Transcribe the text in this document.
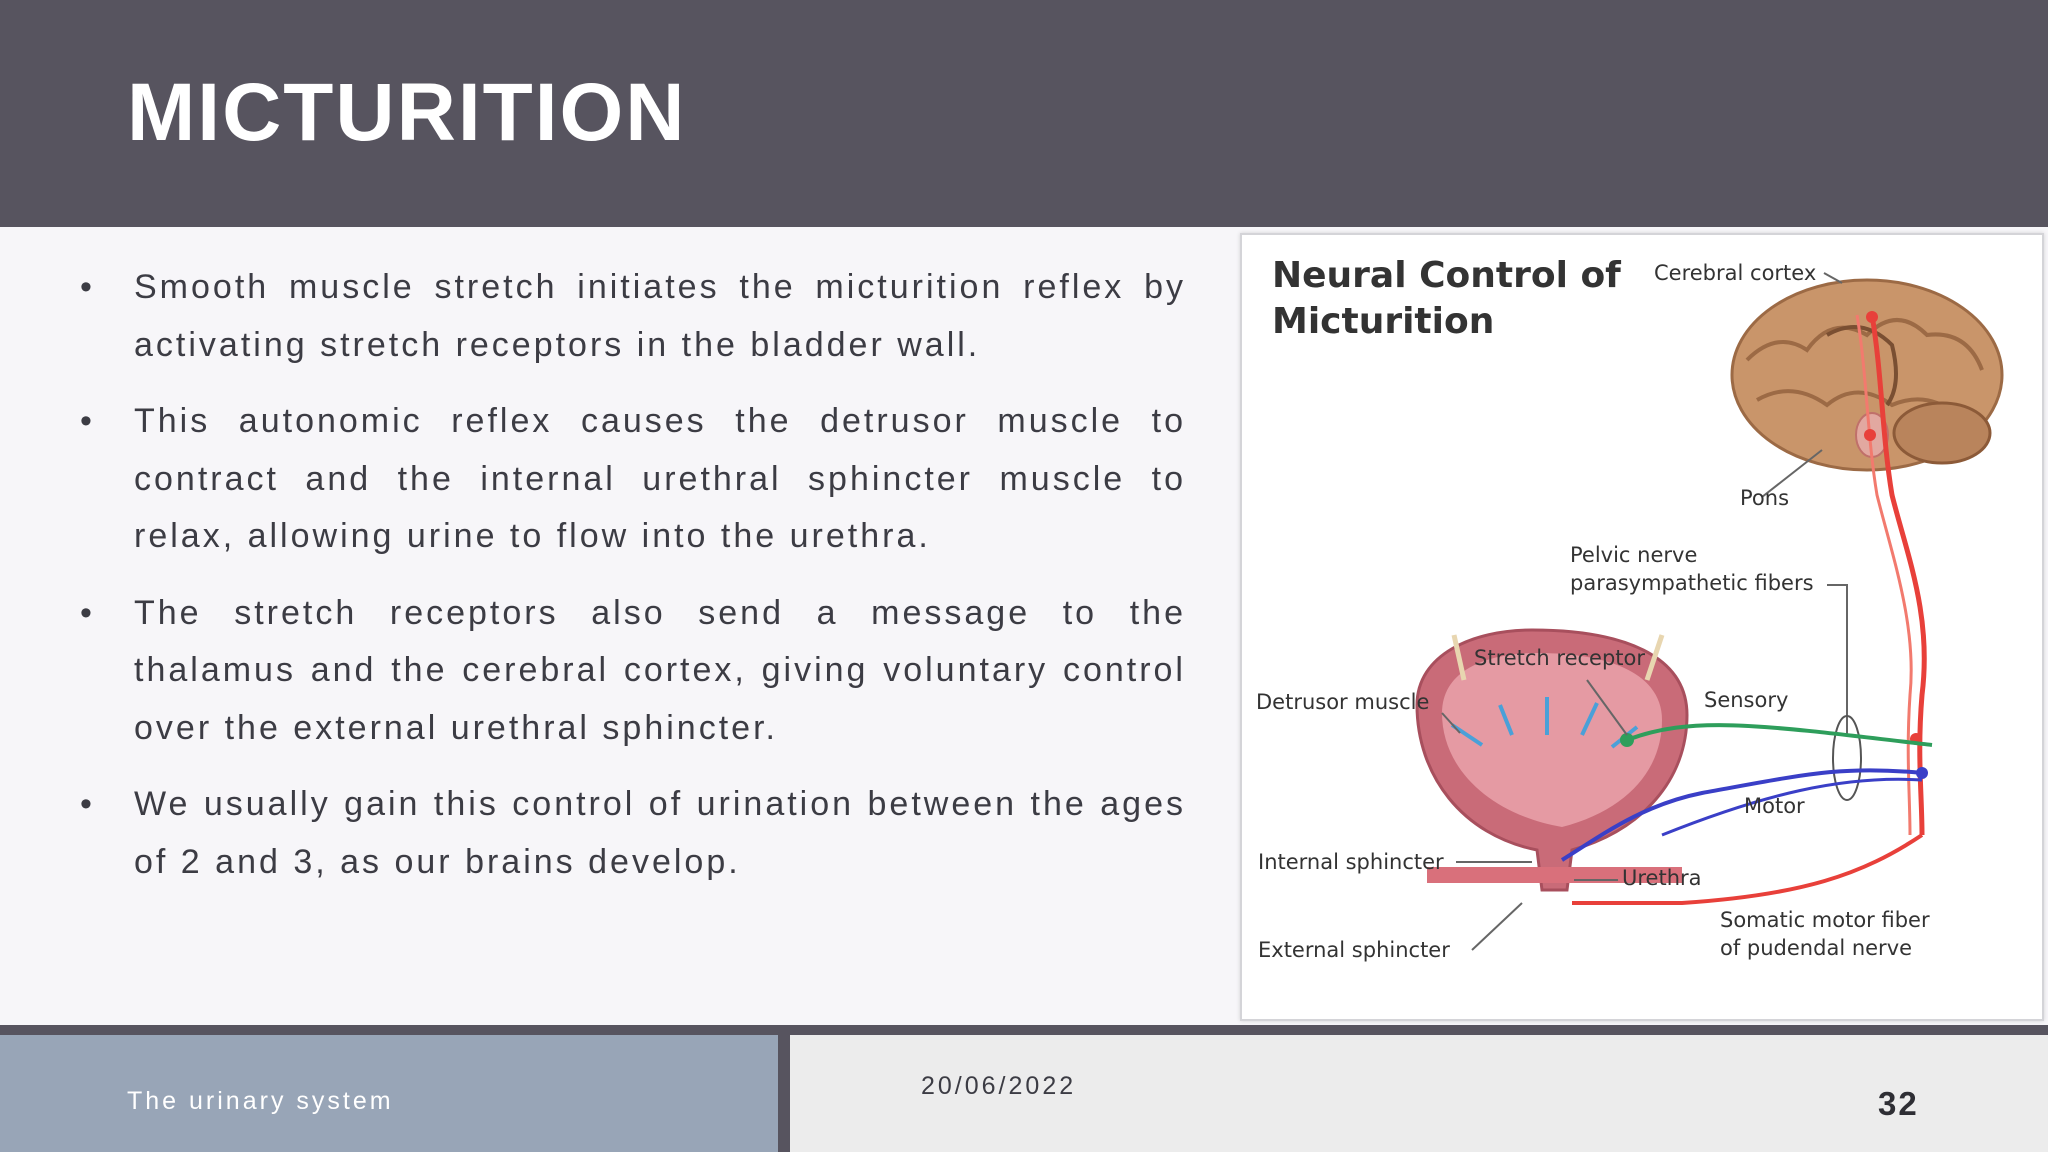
MICTURITION
• Smooth muscle stretch initiates the micturition reflex by activating stretch receptors in the bladder wall.
• This autonomic reflex causes the detrusor muscle to contract and the internal urethral sphincter muscle to relax, allowing urine to flow into the urethra.
• The stretch receptors also send a message to the thalamus and the cerebral cortex, giving voluntary control over the external urethral sphincter.
• We usually gain this control of urination between the ages of 2 and 3, as our brains develop.
Neural Control of
Micturition
Pons
Cerebral cortex
Pelvic nerve
parasympathetic fibers
Stretch receptor
Sensory
Motor
Somatic motor fiber
of pudendal nerve
Detrusor muscle
Internal sphincter
Urethra
External sphincter
The urinary system
20/06/2022	32
